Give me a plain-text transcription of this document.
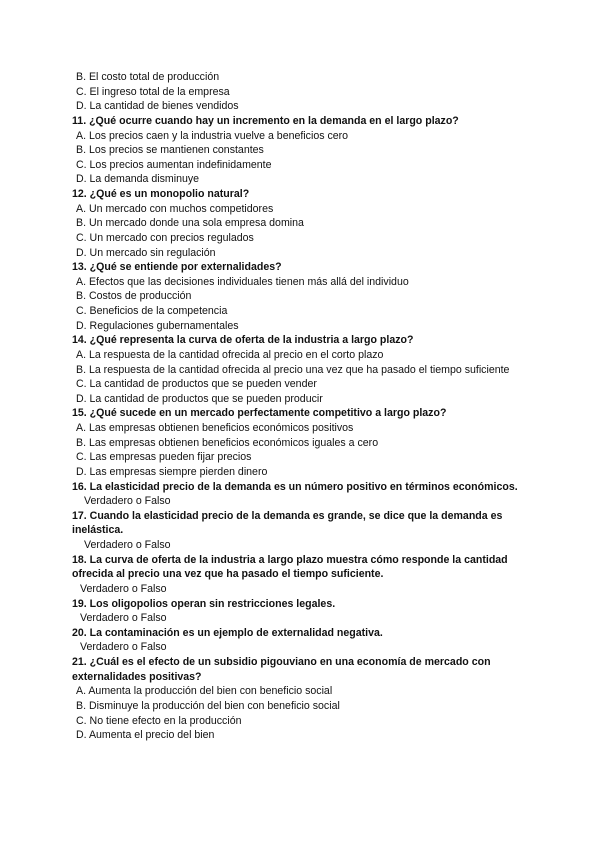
B. El costo total de producción
C. El ingreso total de la empresa
D. La cantidad de bienes vendidos
11. ¿Qué ocurre cuando hay un incremento en la demanda en el largo plazo?
A. Los precios caen y la industria vuelve a beneficios cero
B. Los precios se mantienen constantes
C. Los precios aumentan indefinidamente
D. La demanda disminuye
12. ¿Qué es un monopolio natural?
A. Un mercado con muchos competidores
B. Un mercado donde una sola empresa domina
C. Un mercado con precios regulados
D. Un mercado sin regulación
13. ¿Qué se entiende por externalidades?
A. Efectos que las decisiones individuales tienen más allá del individuo
B. Costos de producción
C. Beneficios de la competencia
D. Regulaciones gubernamentales
14. ¿Qué representa la curva de oferta de la industria a largo plazo?
A. La respuesta de la cantidad ofrecida al precio en el corto plazo
B. La respuesta de la cantidad ofrecida al precio una vez que ha pasado el tiempo suficiente
C. La cantidad de productos que se pueden vender
D. La cantidad de productos que se pueden producir
15. ¿Qué sucede en un mercado perfectamente competitivo a largo plazo?
A. Las empresas obtienen beneficios económicos positivos
B. Las empresas obtienen beneficios económicos iguales a cero
C. Las empresas pueden fijar precios
D. Las empresas siempre pierden dinero
16. La elasticidad precio de la demanda es un número positivo en términos económicos.
Verdadero o Falso
17. Cuando la elasticidad precio de la demanda es grande, se dice que la demanda es inelástica.
Verdadero o Falso
18. La curva de oferta de la industria a largo plazo muestra cómo responde la cantidad ofrecida al precio una vez que ha pasado el tiempo suficiente.
Verdadero o Falso
19. Los oligopolios operan sin restricciones legales.
Verdadero o Falso
20. La contaminación es un ejemplo de externalidad negativa.
Verdadero o Falso
21. ¿Cuál es el efecto de un subsidio pigouviano en una economía de mercado con externalidades positivas?
A. Aumenta la producción del bien con beneficio social
B. Disminuye la producción del bien con beneficio social
C. No tiene efecto en la producción
D. Aumenta el precio del bien
